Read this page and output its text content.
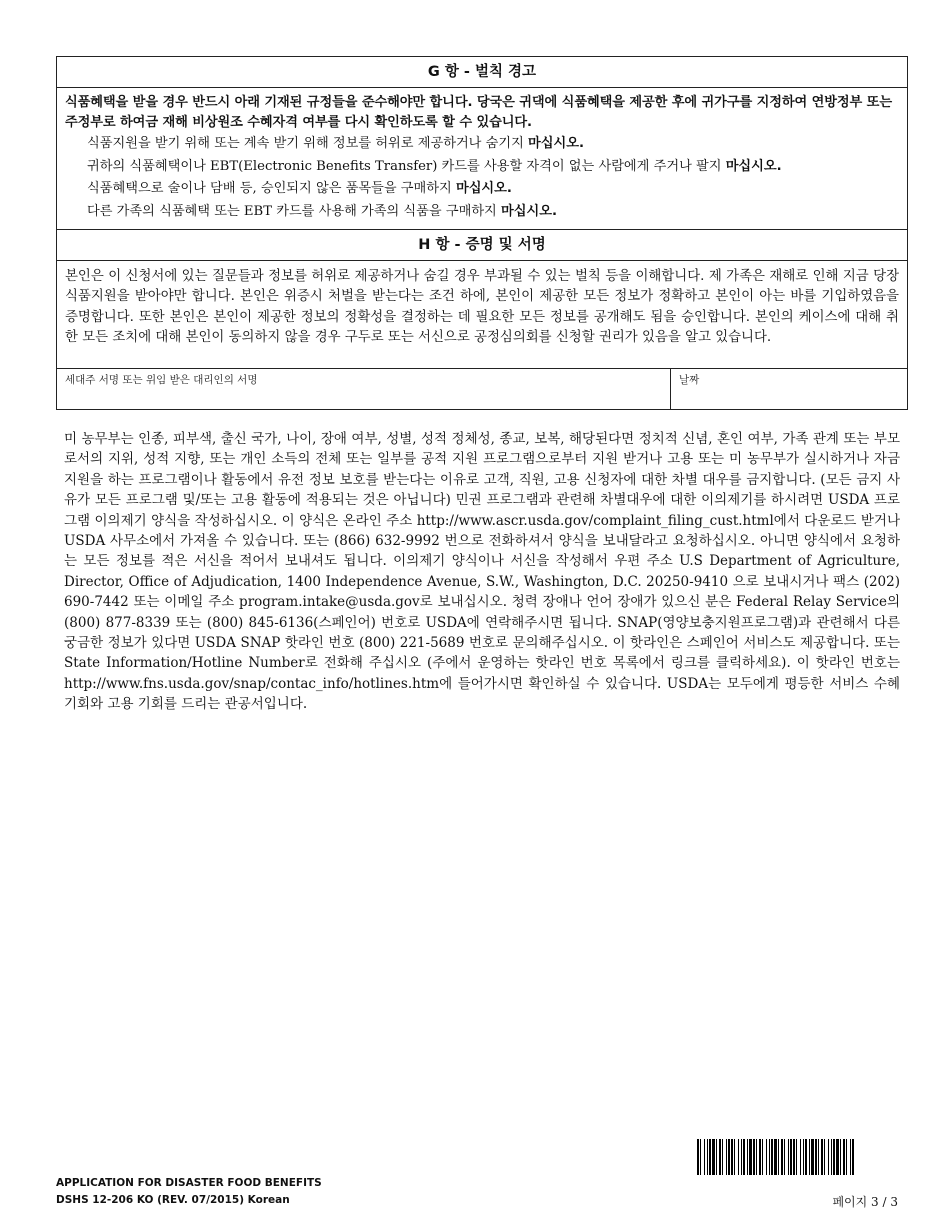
G 항 - 벌칙 경고

식품혜택을 받을 경우 반드시 아래 기재된 규정들을 준수해야만 합니다. 당국은 귀댁에 식품혜택을 제공한 후에 귀가구를 지정하여 연방정부 또는 주정부로 하여금 재해 비상원조 수혜자격 여부를 다시 확인하도록 할 수 있습니다.

식품지원을 받기 위해 또는 계속 받기 위해 정보를 허위로 제공하거나 숨기지 마십시오.

귀하의 식품혜택이나 EBT(Electronic Benefits Transfer) 카드를 사용할 자격이 없는 사람에게 주거나 팔지 마십시오.

식품혜택으로 술이나 담배 등, 승인되지 않은 품목들을 구매하지 마십시오.

다른 가족의 식품혜택 또는 EBT 카드를 사용해 가족의 식품을 구매하지 마십시오.

H 항 - 증명 및 서명

본인은 이 신청서에 있는 질문들과 정보를 허위로 제공하거나 숨길 경우 부과될 수 있는 벌칙 등을 이해합니다. 제 가족은 재해로 인해 지금 당장 식품지원을 받아야만 합니다. 본인은 위증시 처벌을 받는다는 조건 하에, 본인이 제공한 모든 정보가 정확하고 본인이 아는 바를 기입하였음을 증명합니다. 또한 본인은 본인이 제공한 정보의 정확성을 결정하는 데 필요한 모든 정보를 공개해도 됨을 승인합니다. 본인의 케이스에 대해 취한 모든 조치에 대해 본인이 동의하지 않을 경우 구두로 또는 서신으로 공정심의회를 신청할 권리가 있음을 알고 있습니다.

세대주 서명 또는 위임 받은 대리인의 서명	날짜

미 농무부는 인종, 피부색, 출신 국가, 나이, 장애 여부, 성별, 성적 정체성, 종교, 보복, 해당된다면 정치적 신념, 혼인 여부, 가족 관계 또는 부모로서의 지위, 성적 지향, 또는 개인 소득의 전체 또는 일부를 공적 지원 프로그램으로부터 지원 받거나 고용 또는 미 농무부가 실시하거나 자금 지원을 하는 프로그램이나 활동에서 유전 정보 보호를 받는다는 이유로 고객, 직원, 고용 신청자에 대한 차별 대우를 금지합니다. (모든 금지 사유가 모든 프로그램 및/또는 고용 활동에 적용되는 것은 아닙니다) 민권 프로그램과 관련해 차별대우에 대한 이의제기를 하시려면 USDA 프로그램 이의제기 양식을 작성하십시오. 이 양식은 온라인 주소 http://www.ascr.usda.gov/complaint_filing_cust.html에서 다운로드 받거나USDA 사무소에서 가져올 수 있습니다. 또는 (866) 632-9992 번으로 전화하셔서 양식을 보내달라고 요청하십시오. 아니면 양식에서 요청하는 모든 정보를 적은 서신을 적어서 보내셔도 됩니다. 이의제기 양식이나 서신을 작성해서 우편 주소 U.S Department of Agriculture, Director, Office of Adjudication, 1400 Independence Avenue, S.W., Washington, D.C. 20250-9410 으로 보내시거나 팩스 (202) 690-7442 또는 이메일 주소 program.intake@usda.gov로 보내십시오. 청력 장애나 언어 장애가 있으신 분은 Federal Relay Service의 (800) 877-8339 또는 (800) 845-6136(스페인어) 번호로 USDA에 연락해주시면 됩니다. SNAP(영양보충지원프로그램)과 관련해서 다른 궁금한 정보가 있다면 USDA SNAP 핫라인 번호 (800) 221-5689 번호로 문의해주십시오. 이 핫라인은 스페인어 서비스도 제공합니다. 또는 State Information/Hotline Number로 전화해 주십시오 (주에서 운영하는 핫라인 번호 목록에서 링크를 클릭하세요). 이 핫라인 번호는 http://www.fns.usda.gov/snap/contac_info/hotlines.htm에 들어가시면 확인하실 수 있습니다. USDA는 모두에게 평등한 서비스 수혜 기회와 고용 기회를 드리는 관공서입니다.

APPLICATION FOR DISASTER FOOD BENEFITS
DSHS 12-206 KO (REV. 07/2015) Korean	페이지 3 / 3
